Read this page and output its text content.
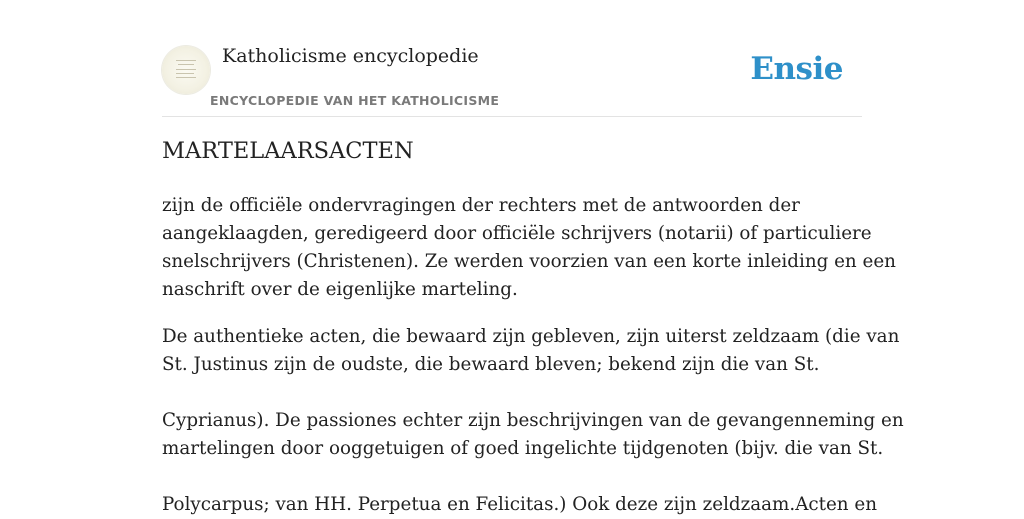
Katholicisme encyclopedie
ENCYCLOPEDIE VAN HET KATHOLICISME
Ensie
MARTELAARSACTEN

zijn de officiële ondervragingen der rechters met de antwoorden der
aangeklaagden, geredigeerd door officiële schrijvers (notarii) of particuliere
snelschrijvers (Christenen). Ze werden voorzien van een korte inleiding en een
naschrift over de eigenlijke marteling.

De authentieke acten, die bewaard zijn gebleven, zijn uiterst zeldzaam (die van
St. Justinus zijn de oudste, die bewaard bleven; bekend zijn die van St.

Cyprianus). De passiones echter zijn beschrijvingen van de gevangenneming en
martelingen door ooggetuigen of goed ingelichte tijdgenoten (bijv. die van St.

Polycarpus; van HH. Perpetua en Felicitas.) Ook deze zijn zeldzaam.Acten en
